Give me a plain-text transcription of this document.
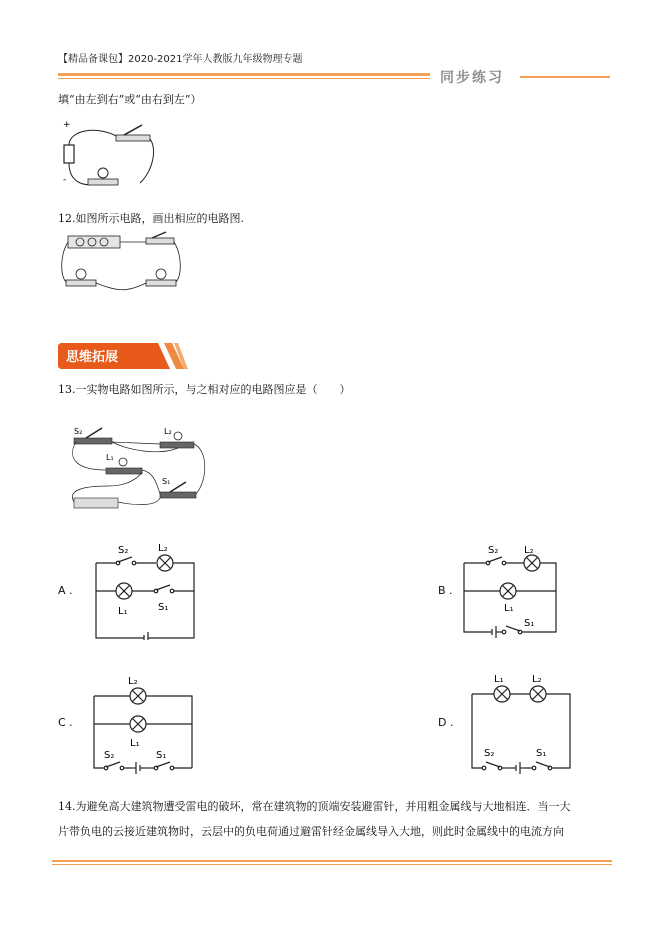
【精品备课包】2020-2021学年人教版九年级物理专题
同步练习
填“由左到右”或“由右到左”）
+
-
12.如图所示电路，画出相应的电路图.
思维拓展
13.一实物电路如图所示，与之相对应的电路图应是（　　）
S₂	L₂
L₁
S₁
A .
S₂	L₂
L₁	S₁
B .
S₂	L₂
L₁
S₁
C .
L₂
L₁
S₂	S₁
D .
L₁	L₂
S₂	S₁
14.为避免高大建筑物遭受雷电的破坏，常在建筑物的顶端安装避雷针，并用粗金属线与大地相连．当一大
片带负电的云接近建筑物时，云层中的负电荷通过避雷针经金属线导入大地，则此时金属线中的电流方向
